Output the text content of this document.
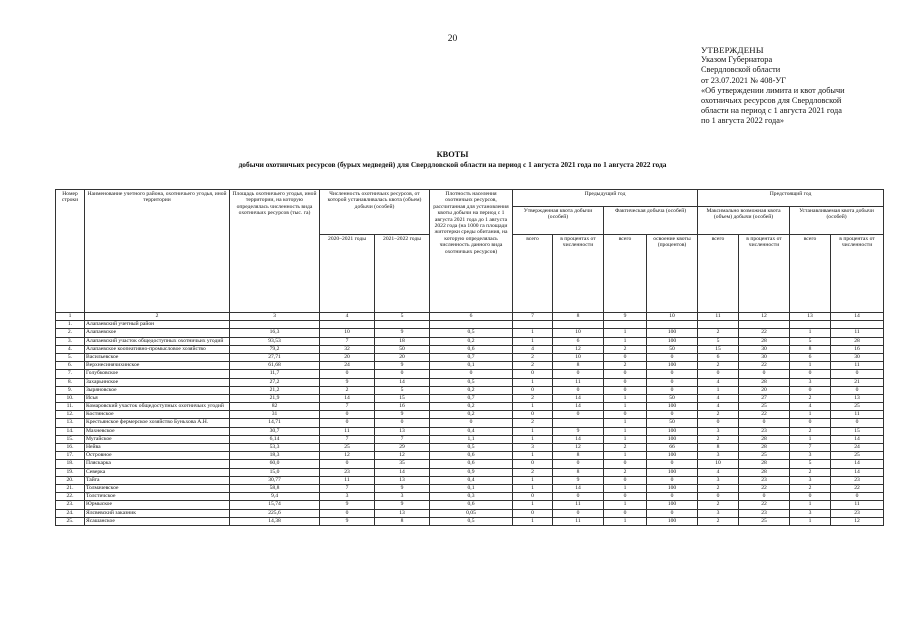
20
УТВЕРЖДЕНЫ
Указом Губернатора
Свердловской области
от 23.07.2021 № 408-УГ
«Об утверждении лимита и квот добычи
охотничьих ресурсов для Свердловской
области на период с 1 августа 2021 года
по 1 августа 2022 года»
КВОТЫ
добычи охотничьих ресурсов (бурых медведей) для Свердловской области на период с 1 августа 2021 года по 1 августа 2022 года
Номер строки	Наименование учетного района, охотничьего угодья, иной территории	Площадь охотничьего угодья, иной территории, на которую определялась численность вида охотничьих ресурсов (тыс. га)	Численность охотничьих ресурсов, от которой устанавливалась квота (объем) добычи (особей)		Плотность населения охотничьих ресурсов, рассчитанная для установления квоты добычи на период с 1 августа 2021 года до 1 августа 2022 года (на 1000 га площади житотерки среды обитания, на которую определялась численность данного вида охотничьих ресурсов)	Предыдущий год				Предстоящий год			
						Утвержденная квота добычи (особей)		Фактическая добыча (особей)		Максимально возможная квота (объем) добычи (особей)		Устанавливаемая квота добычи (особей)	
			2020–2021 годы	2021–2022 годы		всего	в процентах от численности	всего	освоение квоты (процентов)	всего	в процентах от численности	всего	в процентах от численности
1	2	3	4	5	6	7	8	9	10	11	12	13	14
1.	Алапаевский учетный район												
2.	Алапаевское	16,3	10	9	0,5	1	10	1	100	2	22	1	11
3.	Алапаевский участок общедоступных охотничьих угодий	93,53	7	18	0,2	1	6	1	100	5	28	5	28
4.	Алапаевское коопеативно-промысловое хозяйство	79,2	32	50	0,6	4	12	2	50	15	30	8	16
5.	Васильевское	27,71	20	20	0,7	2	10	0	0	6	30	6	30
6.	Верхнесинячихинское	61,68	24	9	0,1	2	8	2	100	2	22	1	11
7.	Голубковское	11,7	0	0	0	0	0	0	0	0	0	0	0
8.	Захарьинское	27,2	9	14	0,5	1	11	0	0	4	28	3	21
9.	Зыряновское	21,2	2	5	0,2	0	0	0	0	1	20	0	0
10.	Исья	21,9	14	15	0,7	2	14	1	50	4	27	2	13
11.	Комаровский участок общедоступных охотничьих угодий	82	7	16	0,2	1	14	1	100	4	25	4	25
12.	Костинское	31	0	9	0,2	0	0	0	0	2	22	1	11
13.	Крестьянское фермерское хозяйство Буньхова А.Н.	14,71	0	0	0	2		1	50	0	0	0	0
14.	Махневское	30,7	11	13	0,4	1	9	1	100	3	23	2	15
15.	Мугайское	6,14	7	7	1,1	1	14	1	100	2	28	1	14
16.	Нейва	53,3	25	29	0,5	3	12	2	66	8	28	7	24
17.	Островное	18,3	12	12	0,6	1	8	1	100	3	25	3	25
18.	Пляскарка	60,0	0	35	0,6	0	0	0	0	10	28	5	14
19.	Северка	15,0	23	14	0,9	2	8	2	100	4	28	2	14
20.	Тайга	30,77	11	13	0,4	1	9	0	0	3	23	3	23
21.	Толмачевское	58,8	7	9	0,1	1	14	1	100	2	22	2	22
22.	Толстичское	9,4	3	3	0,3	0	0	0	0	0	0	0	0
23.	Юрмыское	15,74	9	9	0,6	1	11	1	100	2	22	1	11
24.	Ялсвевский заказник	225,6	0	13	0,05	0	0	0	0	3	23	3	23
25.	Ясашанское	14,38	9	8	0,5	1	11	1	100	2	25	1	12
